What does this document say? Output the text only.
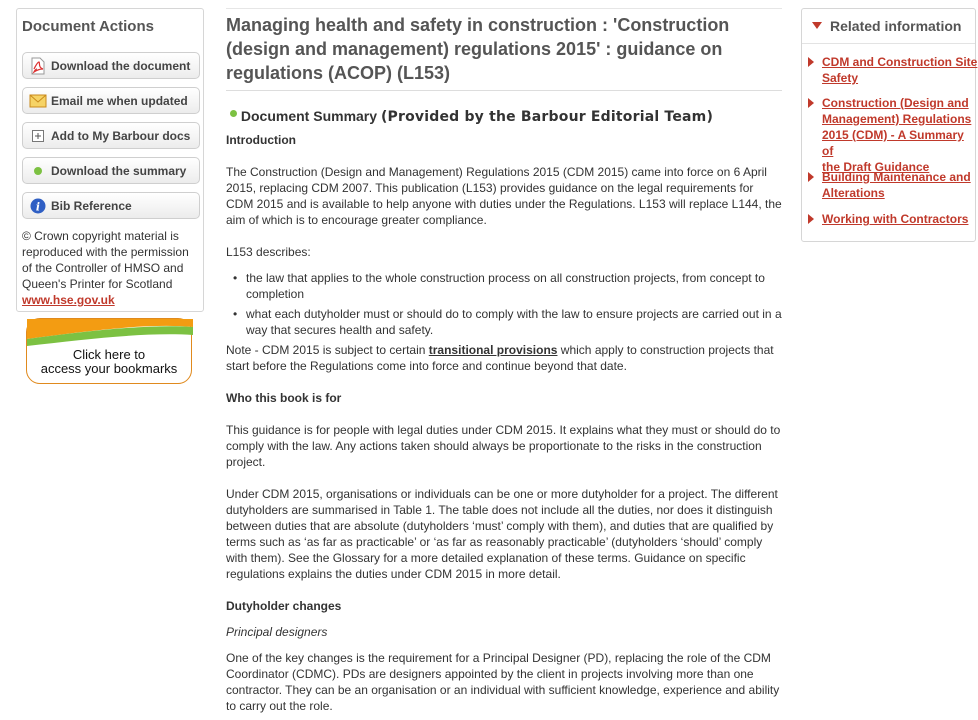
Document Actions
Download the document
Email me when updated
Add to My Barbour docs
Download the summary
i Bib Reference
© Crown copyright material is reproduced with the permission of the Controller of HMSO and Queen's Printer for Scotland
www.hse.gov.uk
Click here to
access your bookmarks
Managing health and safety in construction : 'Construction (design and management) regulations 2015' : guidance on regulations (ACOP) (L153)
Document Summary (Provided by the Barbour Editorial Team)

Introduction

The Construction (Design and Management) Regulations 2015 (CDM 2015) came into force on 6 April 2015, replacing CDM 2007. This publication (L153) provides guidance on the legal requirements for CDM 2015 and is available to help anyone with duties under the Regulations. L153 will replace L144, the aim of which is to encourage greater compliance.

L153 describes:

• the law that applies to the whole construction process on all construction projects, from concept to completion
• what each dutyholder must or should do to comply with the law to ensure projects are carried out in a way that secures health and safety.

Note - CDM 2015 is subject to certain transitional provisions which apply to construction projects that start before the Regulations come into force and continue beyond that date.

Who this book is for

This guidance is for people with legal duties under CDM 2015. It explains what they must or should do to comply with the law. Any actions taken should always be proportionate to the risks in the construction project.

Under CDM 2015, organisations or individuals can be one or more dutyholder for a project. The different dutyholders are summarised in Table 1. The table does not include all the duties, nor does it distinguish between duties that are absolute (dutyholders ‘must’ comply with them), and duties that are qualified by terms such as ‘as far as practicable’ or ‘as far as reasonably practicable’ (dutyholders ‘should’ comply with them). See the Glossary for a more detailed explanation of these terms. Guidance on specific regulations explains the duties under CDM 2015 in more detail.

Dutyholder changes

Principal designers

One of the key changes is the requirement for a Principal Designer (PD), replacing the role of the CDM Coordinator (CDMC). PDs are designers appointed by the client in projects involving more than one contractor. They can be an organisation or an individual with sufficient knowledge, experience and ability to carry out the role.

Related information
CDM and Construction Site
Safety
Construction (Design and
Management) Regulations
2015 (CDM) - A Summary of
the Draft Guidance
Building Maintenance and
Alterations
Working with Contractors
